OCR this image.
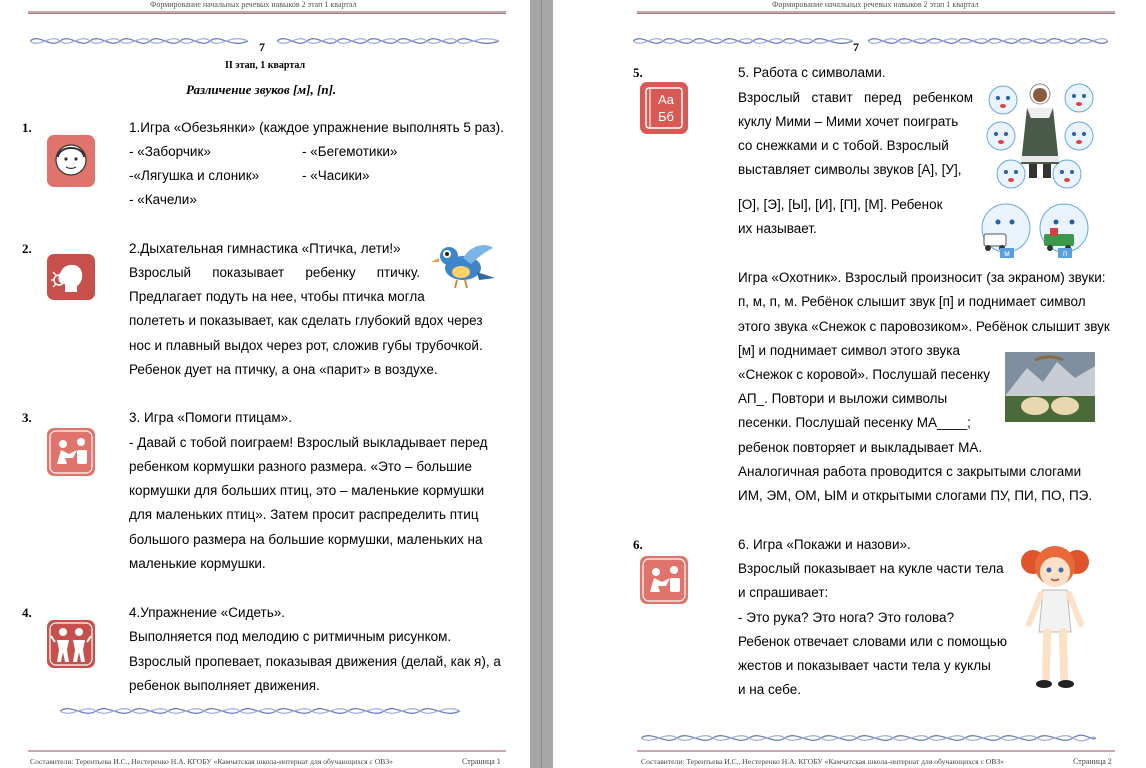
Формирование начальных речевых навыков 2 этап 1 квартал
7
II этап, 1 квартал
Различение звуков [м], [п].
1.	1.Игра «Обезьянки» (каждое упражнение выполнять 5 раз).
- «Заборчик»	- «Бегемотики»
-«Лягушка и слоник»	- «Часики»
- «Качели»
2.	2.Дыхательная гимнастика «Птичка, лети!»
Взрослый показывает ребенку птичку.
Предлагает подуть на нее, чтобы птичка могла
полететь и показывает, как сделать глубокий вдох через
нос и плавный выдох через рот, сложив губы трубочкой.
Ребенок дует на птичку, а она «парит» в воздухе.
3.	3. Игра «Помоги птицам».
- Давай с тобой поиграем! Взрослый выкладывает перед
ребенком кормушки разного размера. «Это – большие
кормушки для больших птиц, это – маленькие кормушки
для маленьких птиц». Затем просит распределить птиц
большого размера на большие кормушки, маленьких на
маленькие кормушки.
4.	4.Упражнение «Сидеть».
Выполняется под мелодию с ритмичным рисунком.
Взрослый пропевает, показывая движения (делай, как я), а
ребенок выполняет движения.
Составители: Терентьева И.С., Нестеренко Н.А. КГОБУ «Камчатская школа-интернат для обучающихся с ОВЗ»	Страница 1
Формирование начальных речевых навыков 2 этап 1 квартал
7
5.
Аа
Бб
м	п
5. Работа с символами.
Взрослый ставит перед ребенком
куклу Мими – Мими хочет поиграть
со снежками и с тобой. Взрослый
выставляет символы звуков [А], [У],
[О], [Э], [Ы], [И], [П], [М]. Ребенок
их называет.
Игра «Охотник». Взрослый произносит (за экраном) звуки:
п, м, п, м. Ребёнок слышит звук [п] и поднимает символ
этого звука «Снежок с паровозиком». Ребёнок слышит звук
[м] и поднимает символ этого звука
«Снежок с коровой». Послушай песенку
АП_. Повтори и выложи символы
песенки. Послушай песенку МА____;
ребенок повторяет и выкладывает МА.
Аналогичная работа проводится с закрытыми слогами
ИМ, ЭМ, ОМ, ЫМ и открытыми слогами ПУ, ПИ, ПО, ПЭ.
6.	6. Игра «Покажи и назови».
Взрослый показывает на кукле части тела
и спрашивает:
- Это рука? Это нога? Это голова?
Ребенок отвечает словами или с помощью
жестов и показывает части тела у куклы
и на себе.
Составители: Терентьева И.С., Нестеренко Н.А. КГОБУ «Камчатская школа-интернат для обучающихся с ОВЗ»	Страница 2
